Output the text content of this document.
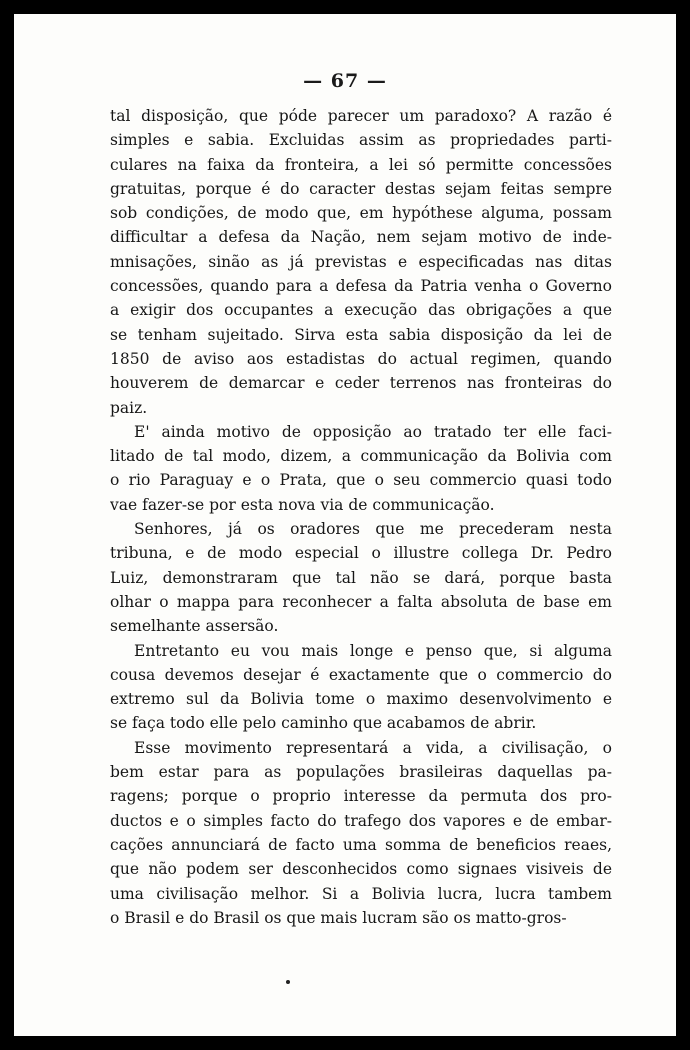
— 67 —
tal disposição, que póde parecer um paradoxo? A razão é
simples e sabia. Excluidas assim as propriedades parti-
culares na faixa da fronteira, a lei só permitte concessões
gratuitas, porque é do caracter destas sejam feitas sempre
sob condições, de modo que, em hypóthese alguma, possam
difficultar a defesa da Nação, nem sejam motivo de inde-
mnisações, sinão as já previstas e especificadas nas ditas
concessões, quando para a defesa da Patria venha o Governo
a exigir dos occupantes a execução das obrigações a que
se tenham sujeitado. Sirva esta sabia disposição da lei de
1850 de aviso aos estadistas do actual regimen, quando
houverem de demarcar e ceder terrenos nas fronteiras do
paiz.
E' ainda motivo de opposição ao tratado ter elle faci-
litado de tal modo, dizem, a communicação da Bolivia com
o rio Paraguay e o Prata, que o seu commercio quasi todo
vae fazer-se por esta nova via de communicação.
Senhores, já os oradores que me precederam nesta
tribuna, e de modo especial o illustre collega Dr. Pedro
Luiz, demonstraram que tal não se dará, porque basta
olhar o mappa para reconhecer a falta absoluta de base em
semelhante assersão.
Entretanto eu vou mais longe e penso que, si alguma
cousa devemos desejar é exactamente que o commercio do
extremo sul da Bolivia tome o maximo desenvolvimento e
se faça todo elle pelo caminho que acabamos de abrir.
Esse movimento representará a vida, a civilisação, o
bem estar para as populações brasileiras daquellas pa-
ragens; porque o proprio interesse da permuta dos pro-
ductos e o simples facto do trafego dos vapores e de embar-
cações annunciará de facto uma somma de beneficios reaes,
que não podem ser desconhecidos como signaes visiveis de
uma civilisação melhor. Si a Bolivia lucra, lucra tambem
o Brasil e do Brasil os que mais lucram são os matto-gros-
